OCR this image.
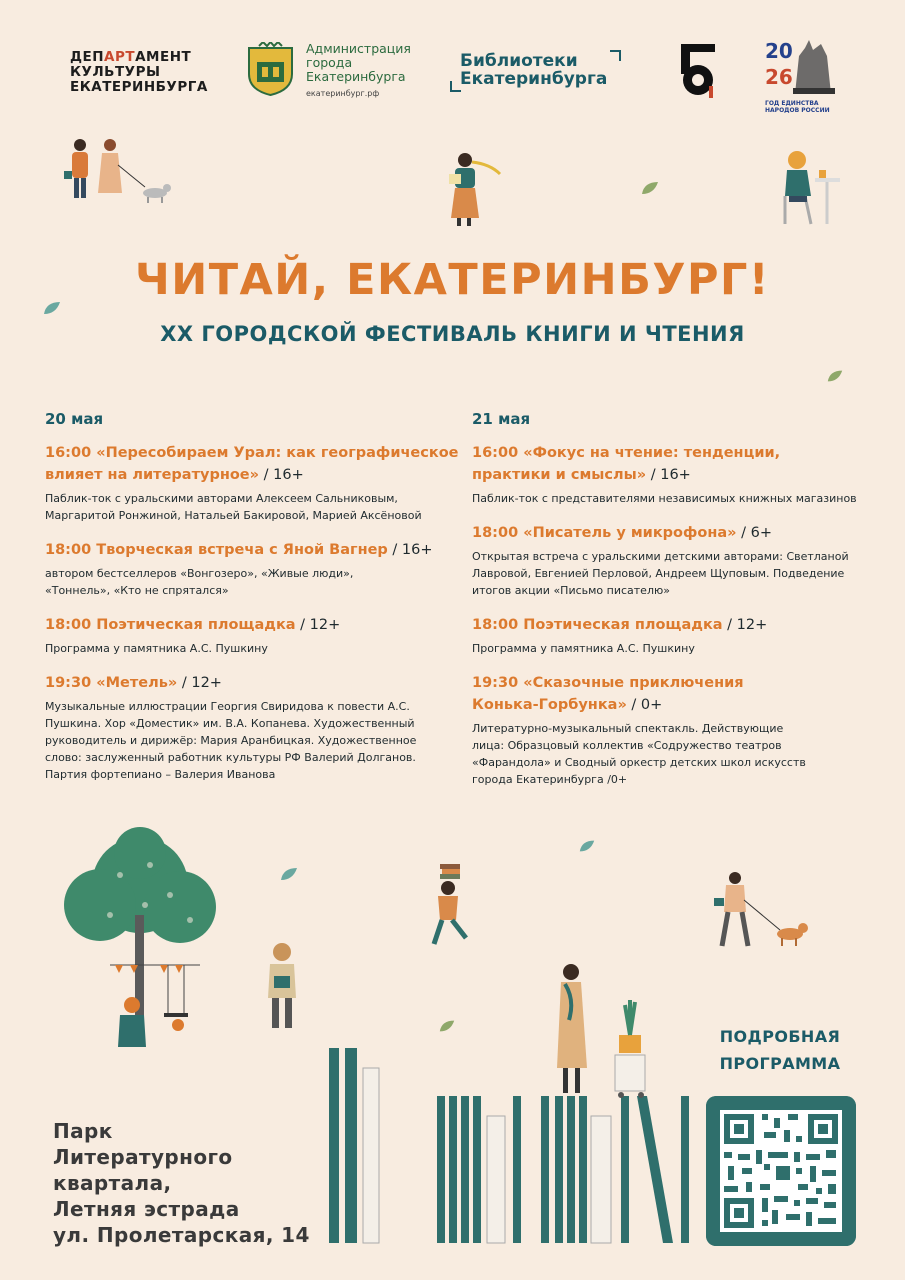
ДЕПАРТАМЕНТ
КУЛЬТУРЫ
ЕКАТЕРИНБУРГА
Администрация
города
Екатеринбурга
екатеринбург.рф
Библиотеки
Екатеринбурга
20
26
ГОД ЕДИНСТВА
НАРОДОВ РОССИИ
ЧИТАЙ, ЕКАТЕРИНБУРГ!
XX ГОРОДСКОЙ ФЕСТИВАЛЬ КНИГИ И ЧТЕНИЯ
20 мая
16:00 «Пересобираем Урал: как географическое влияет на литературное» / 16+
Паблик-ток с уральскими авторами Алексеем Сальниковым, Маргаритой Ронжиной, Натальей Бакировой, Марией Аксёновой
18:00 Творческая встреча с Яной Вагнер / 16+
автором бестселлеров «Вонгозеро», «Живые люди», «Тоннель», «Кто не спрятался»
18:00 Поэтическая площадка / 12+
Программа у памятника А.С. Пушкину
19:30 «Метель» / 12+
Музыкальные иллюстрации Георгия Свиридова к повести А.С. Пушкина. Хор «Доместик» им. В.А. Копанева. Художественный руководитель и дирижёр: Мария Аранбицкая. Художественное слово: заслуженный работник культуры РФ Валерий Долганов. Партия фортепиано – Валерия Иванова
21 мая
16:00 «Фокус на чтение: тенденции, практики и смыслы» / 16+
Паблик-ток с представителями независимых книжных магазинов
18:00 «Писатель у микрофона» / 6+
Открытая встреча с уральскими детскими авторами: Светланой Лавровой, Евгенией Перловой, Андреем Щуповым. Подведение итогов акции «Письмо писателю»
18:00 Поэтическая площадка / 12+
Программа у памятника А.С. Пушкину
19:30 «Сказочные приключения Конька-Горбунка» / 0+
Литературно-музыкальный спектакль. Действующие лица: Образцовый коллектив «Содружество театров «Фарандола» и Сводный оркестр детских школ искусств города Екатеринбурга /0+
Парк
Литературного
квартала,
Летняя эстрада
ул. Пролетарская, 14
ПОДРОБНАЯ
ПРОГРАММА
